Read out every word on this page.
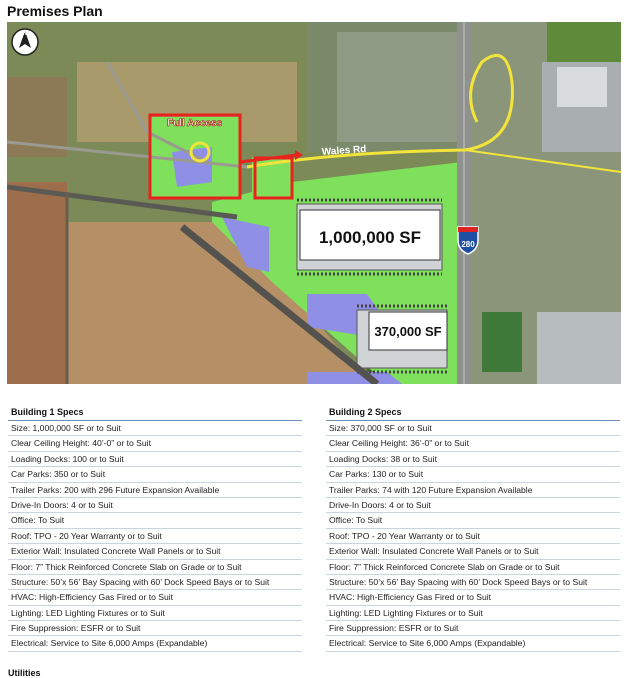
Premises Plan
N
Full Access
Wales Rd
280
1,000,000 SF
370,000 SF
Building 1 Specs
Size: 1,000,000 SF or to Suit
Clear Ceiling Height: 40’-0” or to Suit
Loading Docks: 100 or to Suit
Car Parks: 350 or to Suit
Trailer Parks: 200 with 296 Future Expansion Available
Drive-In Doors: 4 or to Suit
Office: To Suit
Roof: TPO - 20 Year Warranty or to Suit
Exterior Wall: Insulated Concrete Wall Panels or to Suit
Floor: 7” Thick Reinforced Concrete Slab on Grade or to Suit
Structure: 50’x 56’ Bay Spacing with 60’ Dock Speed Bays or to Suit
HVAC: High-Efficiency Gas Fired or to Suit
Lighting: LED Lighting Fixtures or to Suit
Fire Suppression: ESFR or to Suit
Electrical: Service to Site 6,000 Amps (Expandable)
Building 2 Specs
Size: 370,000 SF or to Suit
Clear Ceiling Height: 36’-0” or to Suit
Loading Docks: 38 or to Suit
Car Parks: 130 or to Suit
Trailer Parks: 74 with 120 Future Expansion Available
Drive-In Doors: 4 or to Suit
Office: To Suit
Roof: TPO - 20 Year Warranty or to Suit
Exterior Wall: Insulated Concrete Wall Panels or to Suit
Floor: 7” Thick Reinforced Concrete Slab on Grade or to Suit
Structure: 50’x 56’ Bay Spacing with 60’ Dock Speed Bays or to Suit
HVAC: High-Efficiency Gas Fired or to Suit
Lighting: LED Lighting Fixtures or to Suit
Fire Suppression: ESFR or to Suit
Electrical: Service to Site 6,000 Amps (Expandable)
Utilities
